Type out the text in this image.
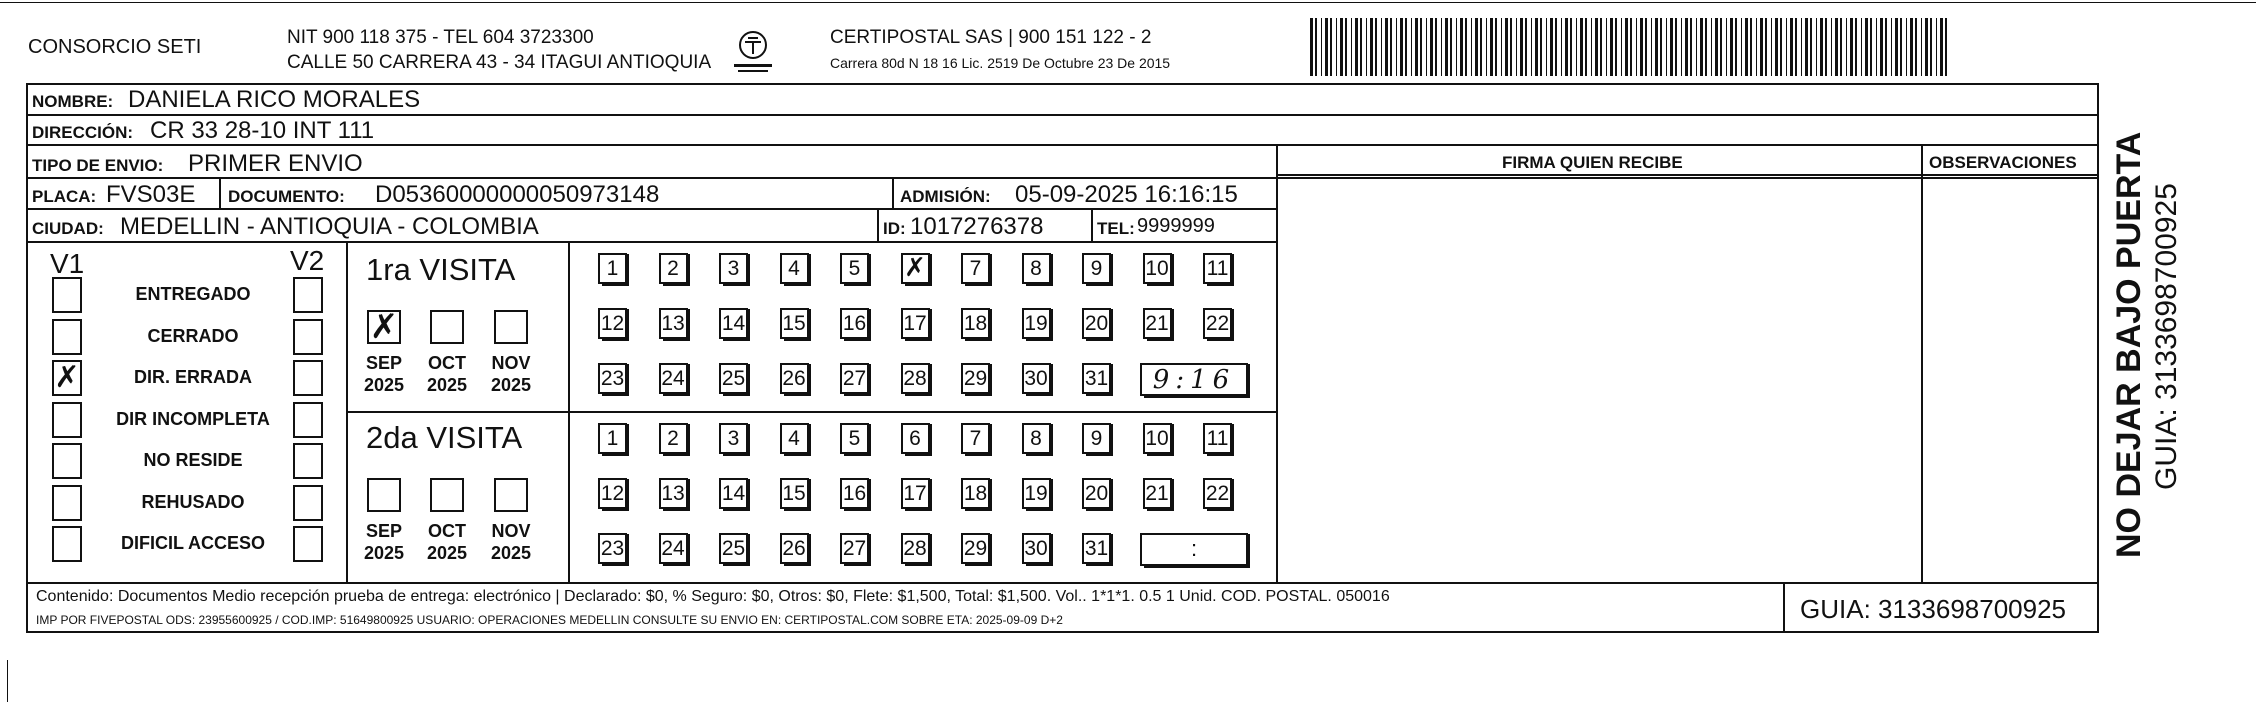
CONSORCIO SETI	NIT 900 118 375 - TEL 604 3723300
CALLE 50 CARRERA 43 - 34 ITAGUI ANTIOQUIA
CERTIPOSTAL SAS | 900 151 122 - 2
Carrera 80d N 18 16 Lic. 2519 De Octubre 23 De 2015
NOMBRE: DANIELA RICO MORALES
DIRECCIÓN: CR 33 28-10 INT 111
TIPO DE ENVIO: PRIMER ENVIO	FIRMA QUIEN RECIBE	OBSERVACIONES
PLACA: FVS03E DOCUMENTO: D05360000000050973148	ADMISIÓN: 05-09-2025 16:16:15
CIUDAD: MEDELLIN - ANTIOQUIA - COLOMBIA	ID: 1017276378	TEL: 9999999
V1	V2
ENTREGADO
CERRADO
✗	DIR. ERRADA
DIR INCOMPLETA
NO RESIDE
REHUSADO
DIFICIL ACCESO
1ra VISITA
2da VISITA
✗
SEP
2025
OCT
2025
NOV
2025
SEP
2025
OCT
2025
NOV
2025
1	2	3	4	5	✗	7	8	9	10 11
12 13 14 15 16 17 18 19 20 21 22
23 24 25 26 27 28 29 30 31
1	2	3	4	5	6	7	8	9	10 11
12 13 14 15 16 17 18 19 20 21 22
23 24 25 26 27 28 29 30 31
9:16
:
Contenido: Documentos Medio recepción prueba de entrega: electrónico | Declarado: $0, % Seguro: $0, Otros: $0, Flete: $1,500, Total: $1,500. Vol.. 1*1*1. 0.5 1 Unid. COD. POSTAL. 050016
IMP POR FIVEPOSTAL ODS: 23955600925 / COD.IMP: 51649800925 USUARIO: OPERACIONES MEDELLIN CONSULTE SU ENVIO EN: CERTIPOSTAL.COM SOBRE ETA: 2025-09-09 D+2	GUIA: 3133698700925
NO DEJAR BAJO PUERTA GUIA: 3133698700925
